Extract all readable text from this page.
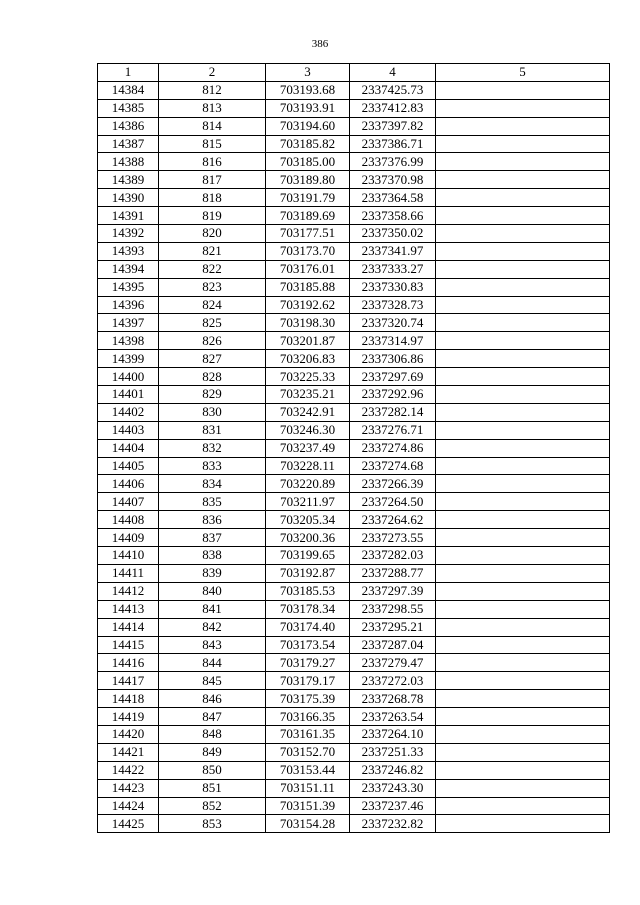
386
1	2	3	4	5
14384	812	703193.68	2337425.73	
14385	813	703193.91	2337412.83	
14386	814	703194.60	2337397.82	
14387	815	703185.82	2337386.71	
14388	816	703185.00	2337376.99	
14389	817	703189.80	2337370.98	
14390	818	703191.79	2337364.58	
14391	819	703189.69	2337358.66	
14392	820	703177.51	2337350.02	
14393	821	703173.70	2337341.97	
14394	822	703176.01	2337333.27	
14395	823	703185.88	2337330.83	
14396	824	703192.62	2337328.73	
14397	825	703198.30	2337320.74	
14398	826	703201.87	2337314.97	
14399	827	703206.83	2337306.86	
14400	828	703225.33	2337297.69	
14401	829	703235.21	2337292.96	
14402	830	703242.91	2337282.14	
14403	831	703246.30	2337276.71	
14404	832	703237.49	2337274.86	
14405	833	703228.11	2337274.68	
14406	834	703220.89	2337266.39	
14407	835	703211.97	2337264.50	
14408	836	703205.34	2337264.62	
14409	837	703200.36	2337273.55	
14410	838	703199.65	2337282.03	
14411	839	703192.87	2337288.77	
14412	840	703185.53	2337297.39	
14413	841	703178.34	2337298.55	
14414	842	703174.40	2337295.21	
14415	843	703173.54	2337287.04	
14416	844	703179.27	2337279.47	
14417	845	703179.17	2337272.03	
14418	846	703175.39	2337268.78	
14419	847	703166.35	2337263.54	
14420	848	703161.35	2337264.10	
14421	849	703152.70	2337251.33	
14422	850	703153.44	2337246.82	
14423	851	703151.11	2337243.30	
14424	852	703151.39	2337237.46	
14425	853	703154.28	2337232.82	
